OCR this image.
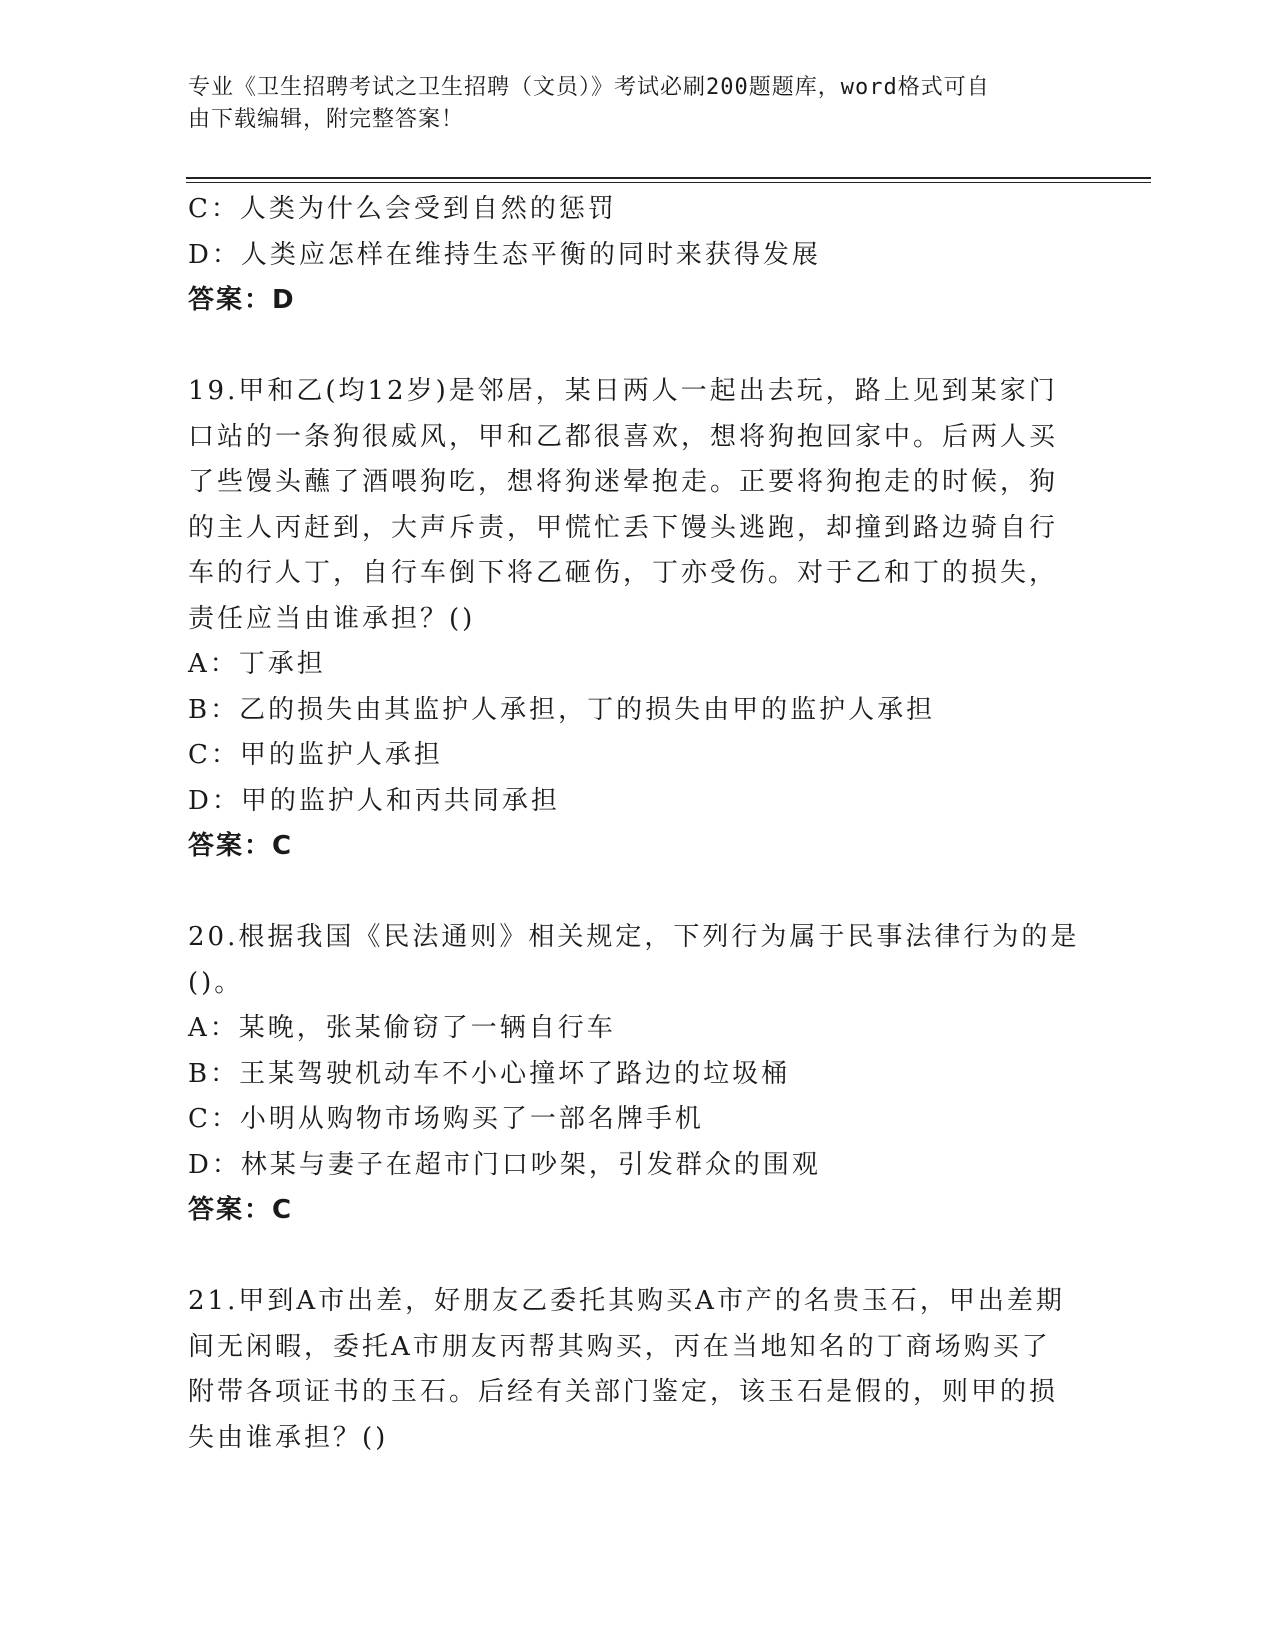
专业《卫生招聘考试之卫生招聘（文员）》考试必刷200题题库，word格式可自
由下载编辑，附完整答案！
C：人类为什么会受到自然的惩罚
D：人类应怎样在维持生态平衡的同时来获得发展
答案：D
19.甲和乙(均12岁)是邻居，某日两人一起出去玩，路上见到某家门
口站的一条狗很威风，甲和乙都很喜欢，想将狗抱回家中。后两人买
了些馒头蘸了酒喂狗吃，想将狗迷晕抱走。正要将狗抱走的时候，狗
的主人丙赶到，大声斥责，甲慌忙丢下馒头逃跑，却撞到路边骑自行
车的行人丁，自行车倒下将乙砸伤，丁亦受伤。对于乙和丁的损失，
责任应当由谁承担？()
A：丁承担
B：乙的损失由其监护人承担，丁的损失由甲的监护人承担
C：甲的监护人承担
D：甲的监护人和丙共同承担
答案：C
20.根据我国《民法通则》相关规定，下列行为属于民事法律行为的是
()。
A：某晚，张某偷窃了一辆自行车
B：王某驾驶机动车不小心撞坏了路边的垃圾桶
C：小明从购物市场购买了一部名牌手机
D：林某与妻子在超市门口吵架，引发群众的围观
答案：C
21.甲到A市出差，好朋友乙委托其购买A市产的名贵玉石，甲出差期
间无闲暇，委托A市朋友丙帮其购买，丙在当地知名的丁商场购买了
附带各项证书的玉石。后经有关部门鉴定，该玉石是假的，则甲的损
失由谁承担？()
